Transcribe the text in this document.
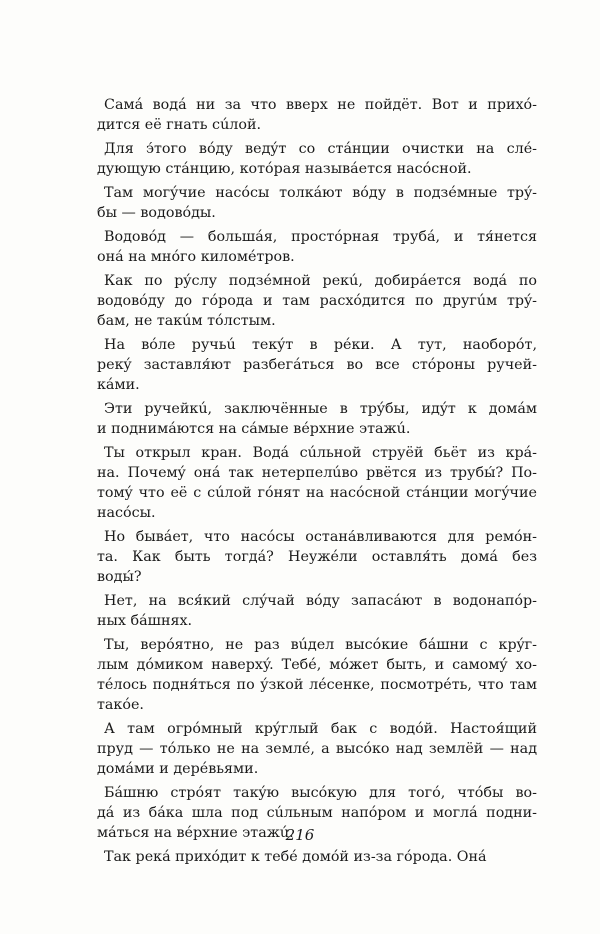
Самá водá ни за что вверх не пойдёт. Вот и прихó-
дится её гнать сúлой.
Для э́того вóду ведýт со стáнции очистки на слé-
дующую стáнцию, котóрая назывáется насóсной.
Там могýчие насóсы толкáют вóду в подзéмные трý-
бы — водовóды.
Водовóд — большáя, простóрная трубá, и тя́нется
онá на мнóго киломéтров.
Как по рýслу подзéмной рекú, добирáется водá по
водовóду до гóрода и там расхóдится по другúм трý-
бам, не такúм тóлстым.
На вóле ручьú текýт в рéки. А тут, наоборóт,
рекý заставля́ют разбегáться во все стóроны ручей-
кáми.
Эти ручейкú, заключённые в трýбы, идýт к домáм
и поднимáются на сáмые вéрхние этажú.
Ты открыл кран. Водá сúльной струёй бьёт из крá-
на. Почемý онá так нетерпелúво рвётся из трубы́? По-
томý что её с сúлой гóнят на насóсной стáнции могýчие
насóсы.
Но бывáет, что насóсы остана́вливаются для ремóн-
та. Как быть тогдá? Неужéли оставля́ть домá без
воды́?
Нет, на вся́кий слýчай вóду запасáют в водонапóр-
ных бáшнях.
Ты, верóятно, не раз вúдел высóкие бáшни с крýг-
лым дóмиком наверхý. Тебé, мóжет быть, и самомý хо-
тéлось подня́ться по ýзкой лéсенке, посмотрéть, что там
такóе.
А там огрóмный крýглый бак с водóй. Настоя́щий
пруд — тóлько не на землé, а высóко над землёй — над
домáми и дерéвьями.
Бáшню стрóят такýю высóкую для тогó, чтóбы во-
дá из бáка шла под сúльным напóром и моглá подни-
мáться на вéрхние этажú.
Так рекá прихóдит к тебé домóй из-за гóрода. Онá
216
